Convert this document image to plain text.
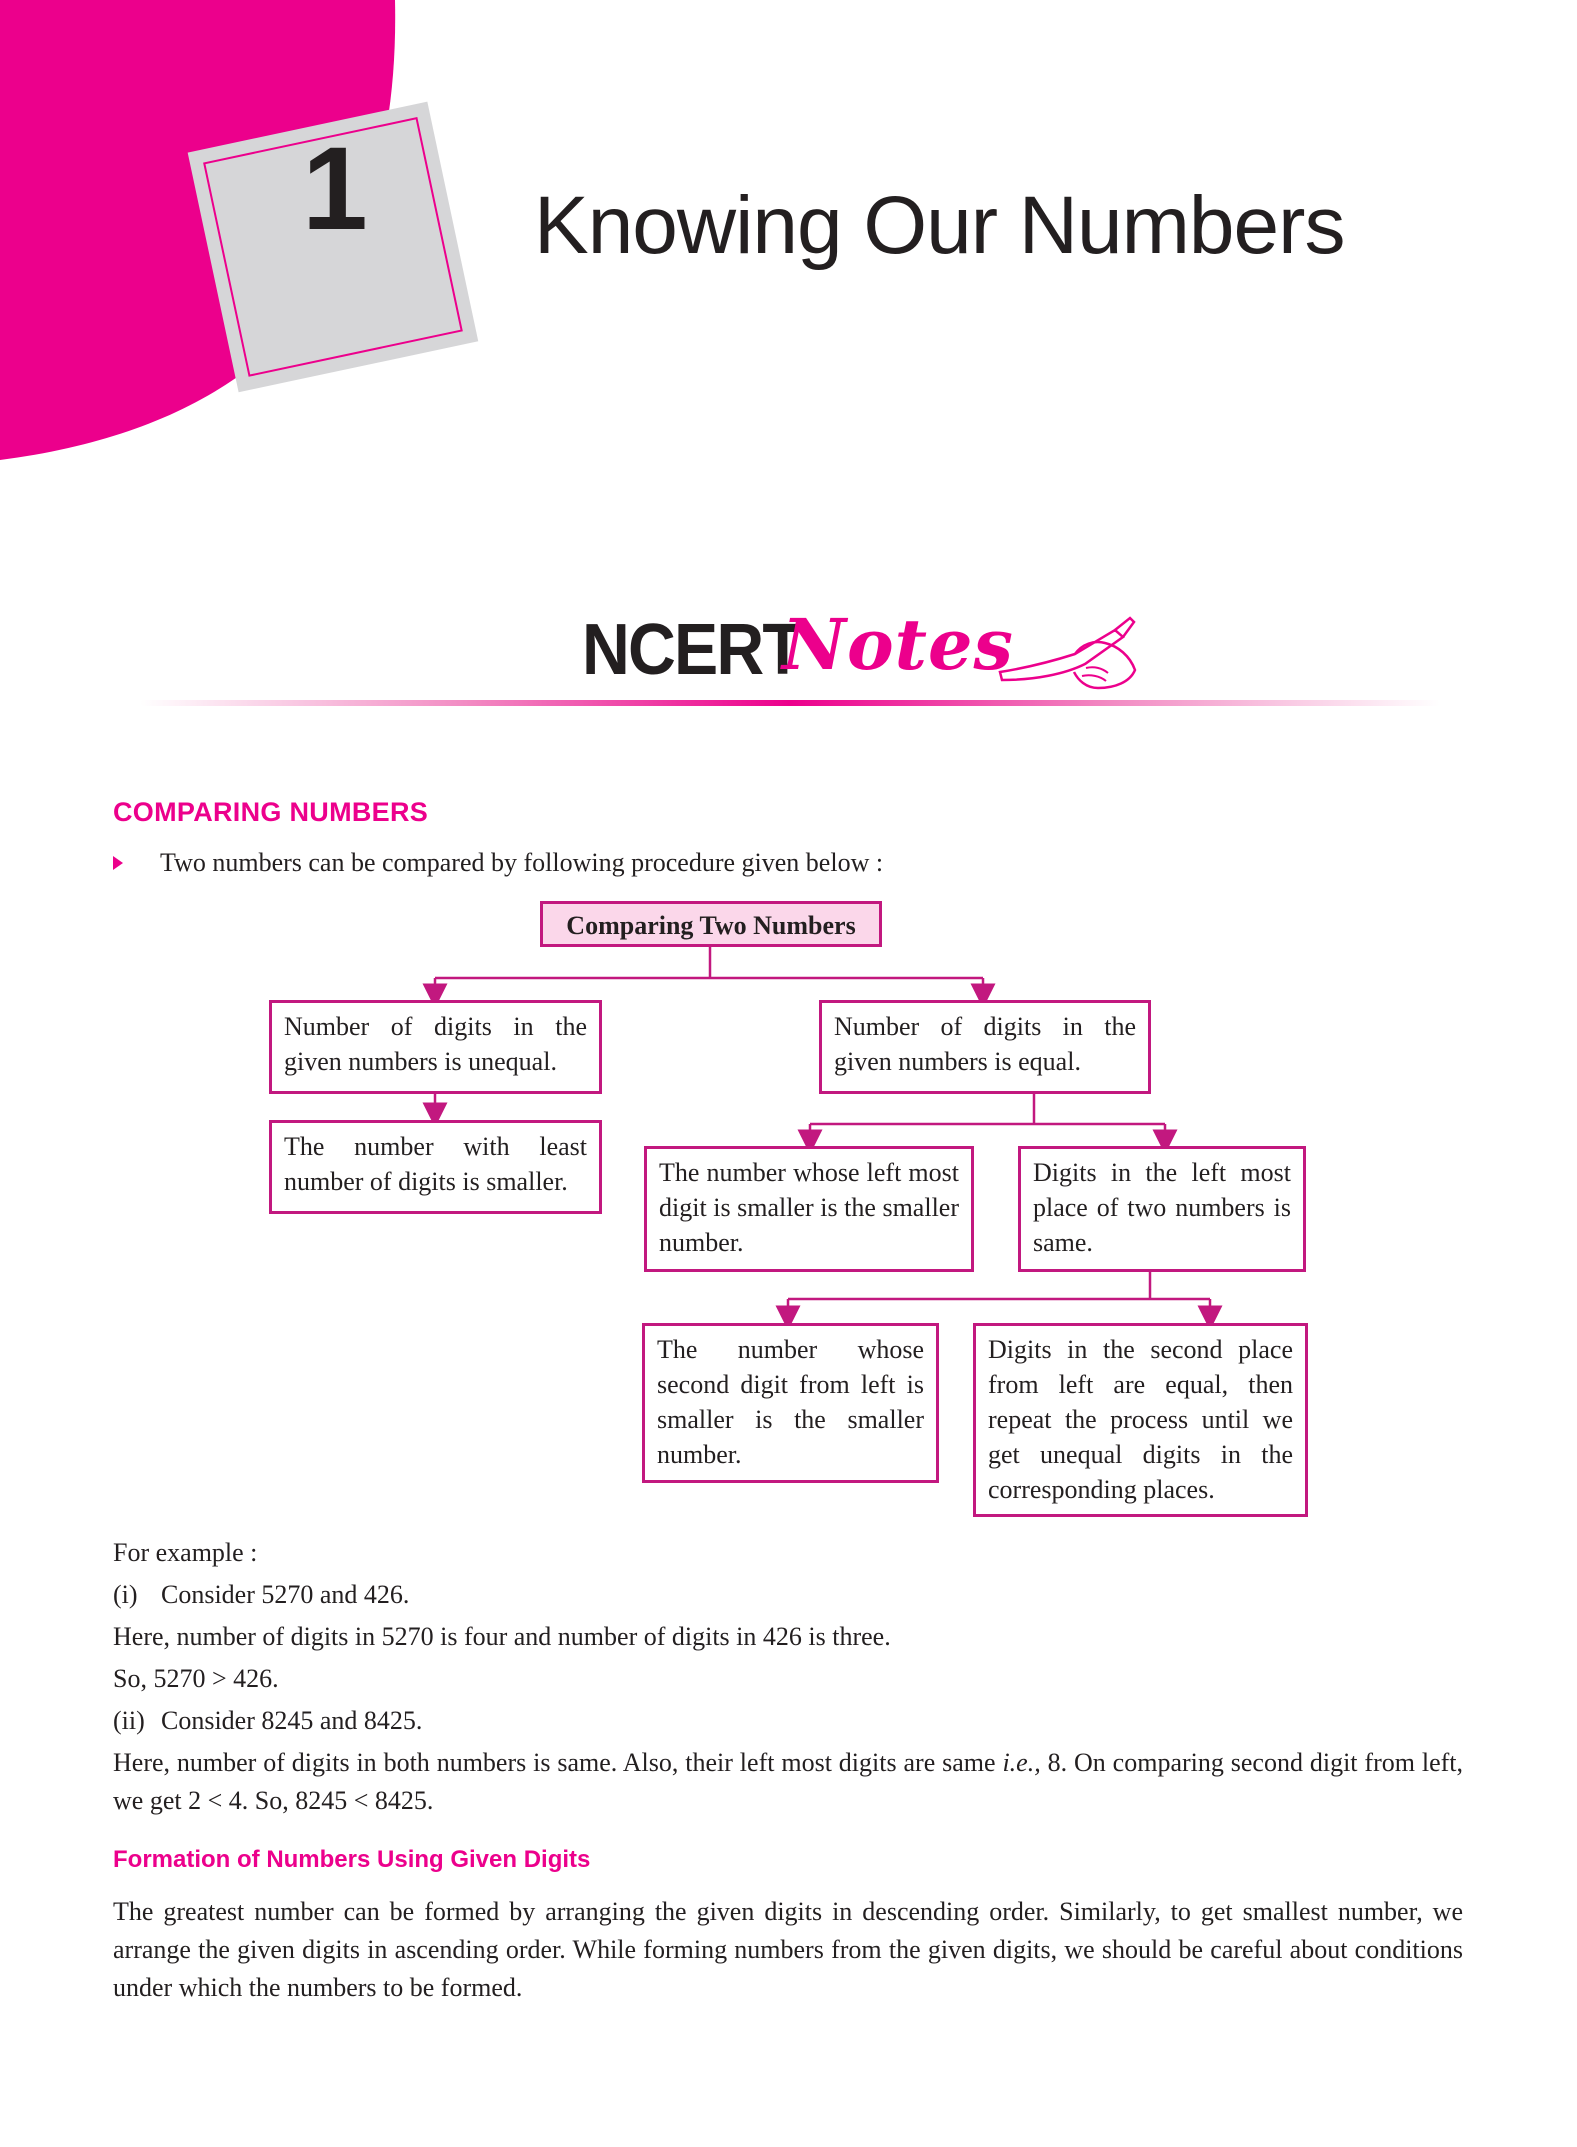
1 Knowing Our Numbers
NCERT
Notes
COMPARING NUMBERS
Two numbers can be compared by following procedure given below :
Comparing Two Numbers
Number of digits in the given numbers is unequal.
The number with least number of digits is smaller.
Number of digits in the given numbers is equal.
The number whose left most digit is smaller is the smaller number.
Digits in the left most place of two numbers is same.
The number whose second digit from left is smaller is the smaller number.
Digits in the second place from left are equal, then repeat the process until we get unequal digits in the corresponding places.
For example :
(i) Consider 5270 and 426.
Here, number of digits in 5270 is four and number of digits in 426 is three.
So, 5270 > 426.
(ii) Consider 8245 and 8425.
Here, number of digits in both numbers is same. Also, their left most digits are same i.e., 8. On comparing second digit from left, we get 2 < 4. So, 8245 < 8425.
Formation of Numbers Using Given Digits
The greatest number can be formed by arranging the given digits in descending order. Similarly, to get smallest number, we arrange the given digits in ascending order. While forming numbers from the given digits, we should be careful about conditions under which the numbers to be formed.
